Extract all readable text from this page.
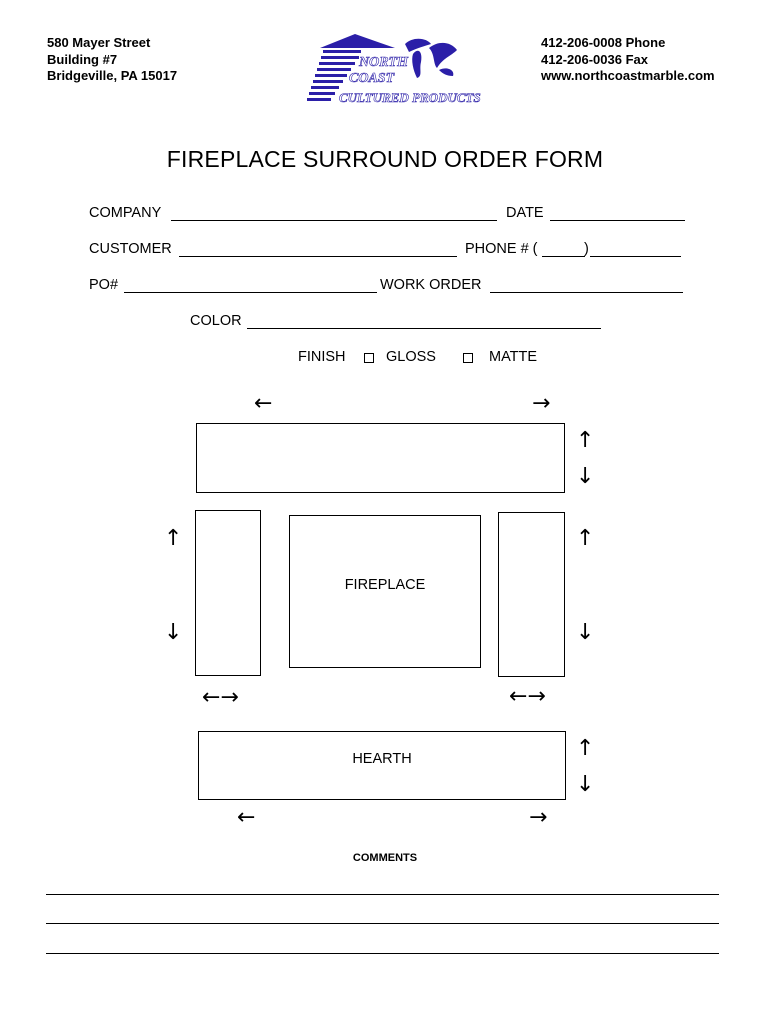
580 Mayer Street
Building #7
Bridgeville, PA 15017
NORTH
COAST
CULTURED PRODUCTS
412-206-0008 Phone
412-206-0036 Fax
www.northcoastmarble.com
FIREPLACE SURROUND ORDER FORM
COMPANY	DATE
CUSTOMER	PHONE # (	)
PO#	WORK ORDER
COLOR
FINISH	GLOSS	MATTE
←	→
↑
↓
↑
↓
←→
FIREPLACE
↑
↓
←→
HEARTH	↑
↓
←	→
COMMENTS
